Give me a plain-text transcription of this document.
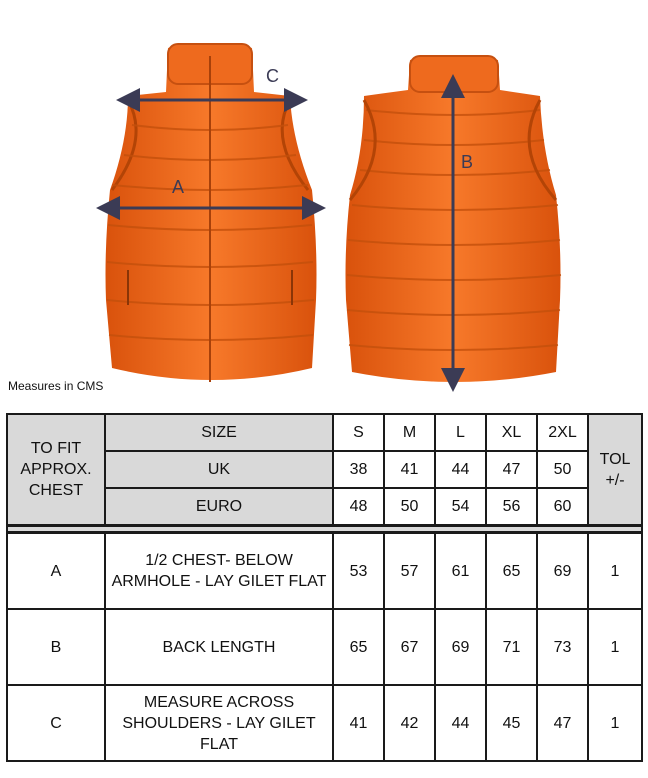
C
A
B
Measures in CMS
TO FIT APPROX. CHEST	SIZE	S	M	L	XL	2XL	TOL +/-
	UK	38	41	44	47	50	
	EURO	48	50	54	56	60	

A	1/2 CHEST- BELOW ARMHOLE - LAY GILET FLAT	53	57	61	65	69	1
B	BACK LENGTH	65	67	69	71	73	1
C	MEASURE ACROSS SHOULDERS - LAY GILET FLAT	41	42	44	45	47	1
